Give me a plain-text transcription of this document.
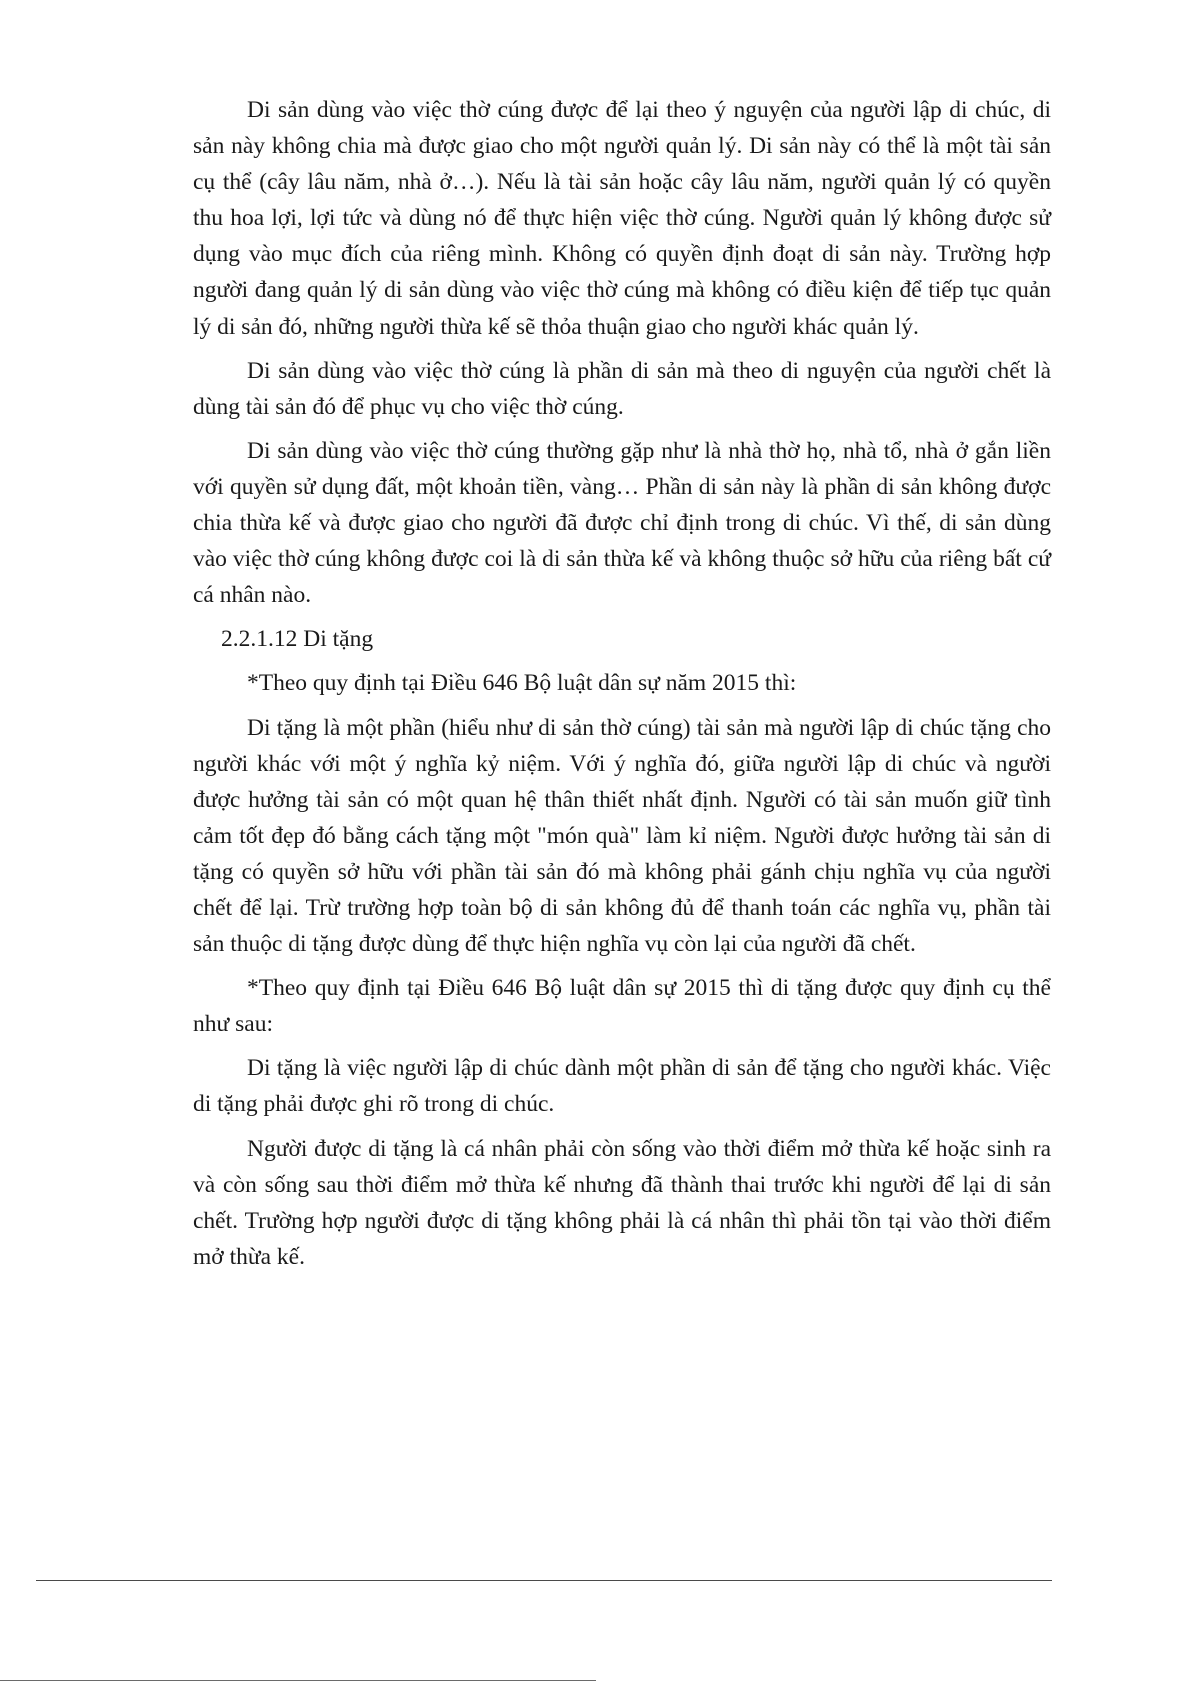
Di sản dùng vào việc thờ cúng được để lại theo ý nguyện của người lập di chúc, di sản này không chia mà được giao cho một người quản lý. Di sản này có thể là một tài sản cụ thể (cây lâu năm, nhà ở…). Nếu là tài sản hoặc cây lâu năm, người quản lý có quyền thu hoa lợi, lợi tức và dùng nó để thực hiện việc thờ cúng. Người quản lý không được sử dụng vào mục đích của riêng mình. Không có quyền định đoạt di sản này. Trường hợp người đang quản lý di sản dùng vào việc thờ cúng mà không có điều kiện để tiếp tục quản lý di sản đó, những người thừa kế sẽ thỏa thuận giao cho người khác quản lý.

Di sản dùng vào việc thờ cúng là phần di sản mà theo di nguyện của người chết là dùng tài sản đó để phục vụ cho việc thờ cúng.

Di sản dùng vào việc thờ cúng thường gặp như là nhà thờ họ, nhà tổ, nhà ở gắn liền với quyền sử dụng đất, một khoản tiền, vàng… Phần di sản này là phần di sản không được chia thừa kế và được giao cho người đã được chỉ định trong di chúc. Vì thế, di sản dùng vào việc thờ cúng không được coi là di sản thừa kế và không thuộc sở hữu của riêng bất cứ cá nhân nào.

2.2.1.12 Di tặng

*Theo quy định tại Điều 646 Bộ luật dân sự năm 2015 thì:

Di tặng là một phần (hiểu như di sản thờ cúng) tài sản mà người lập di chúc tặng cho người khác với một ý nghĩa kỷ niệm. Với ý nghĩa đó, giữa người lập di chúc và người được hưởng tài sản có một quan hệ thân thiết nhất định. Người có tài sản muốn giữ tình cảm tốt đẹp đó bằng cách tặng một "món quà" làm kỉ niệm. Người được hưởng tài sản di tặng có quyền sở hữu với phần tài sản đó mà không phải gánh chịu nghĩa vụ của người chết để lại. Trừ trường hợp toàn bộ di sản không đủ để thanh toán các nghĩa vụ, phần tài sản thuộc di tặng được dùng để thực hiện nghĩa vụ còn lại của người đã chết.

*Theo quy định tại Điều 646 Bộ luật dân sự 2015 thì di tặng được quy định cụ thể như sau:

Di tặng là việc người lập di chúc dành một phần di sản để tặng cho người khác. Việc di tặng phải được ghi rõ trong di chúc.

Người được di tặng là cá nhân phải còn sống vào thời điểm mở thừa kế hoặc sinh ra và còn sống sau thời điểm mở thừa kế nhưng đã thành thai trước khi người để lại di sản chết. Trường hợp người được di tặng không phải là cá nhân thì phải tồn tại vào thời điểm mở thừa kế.
